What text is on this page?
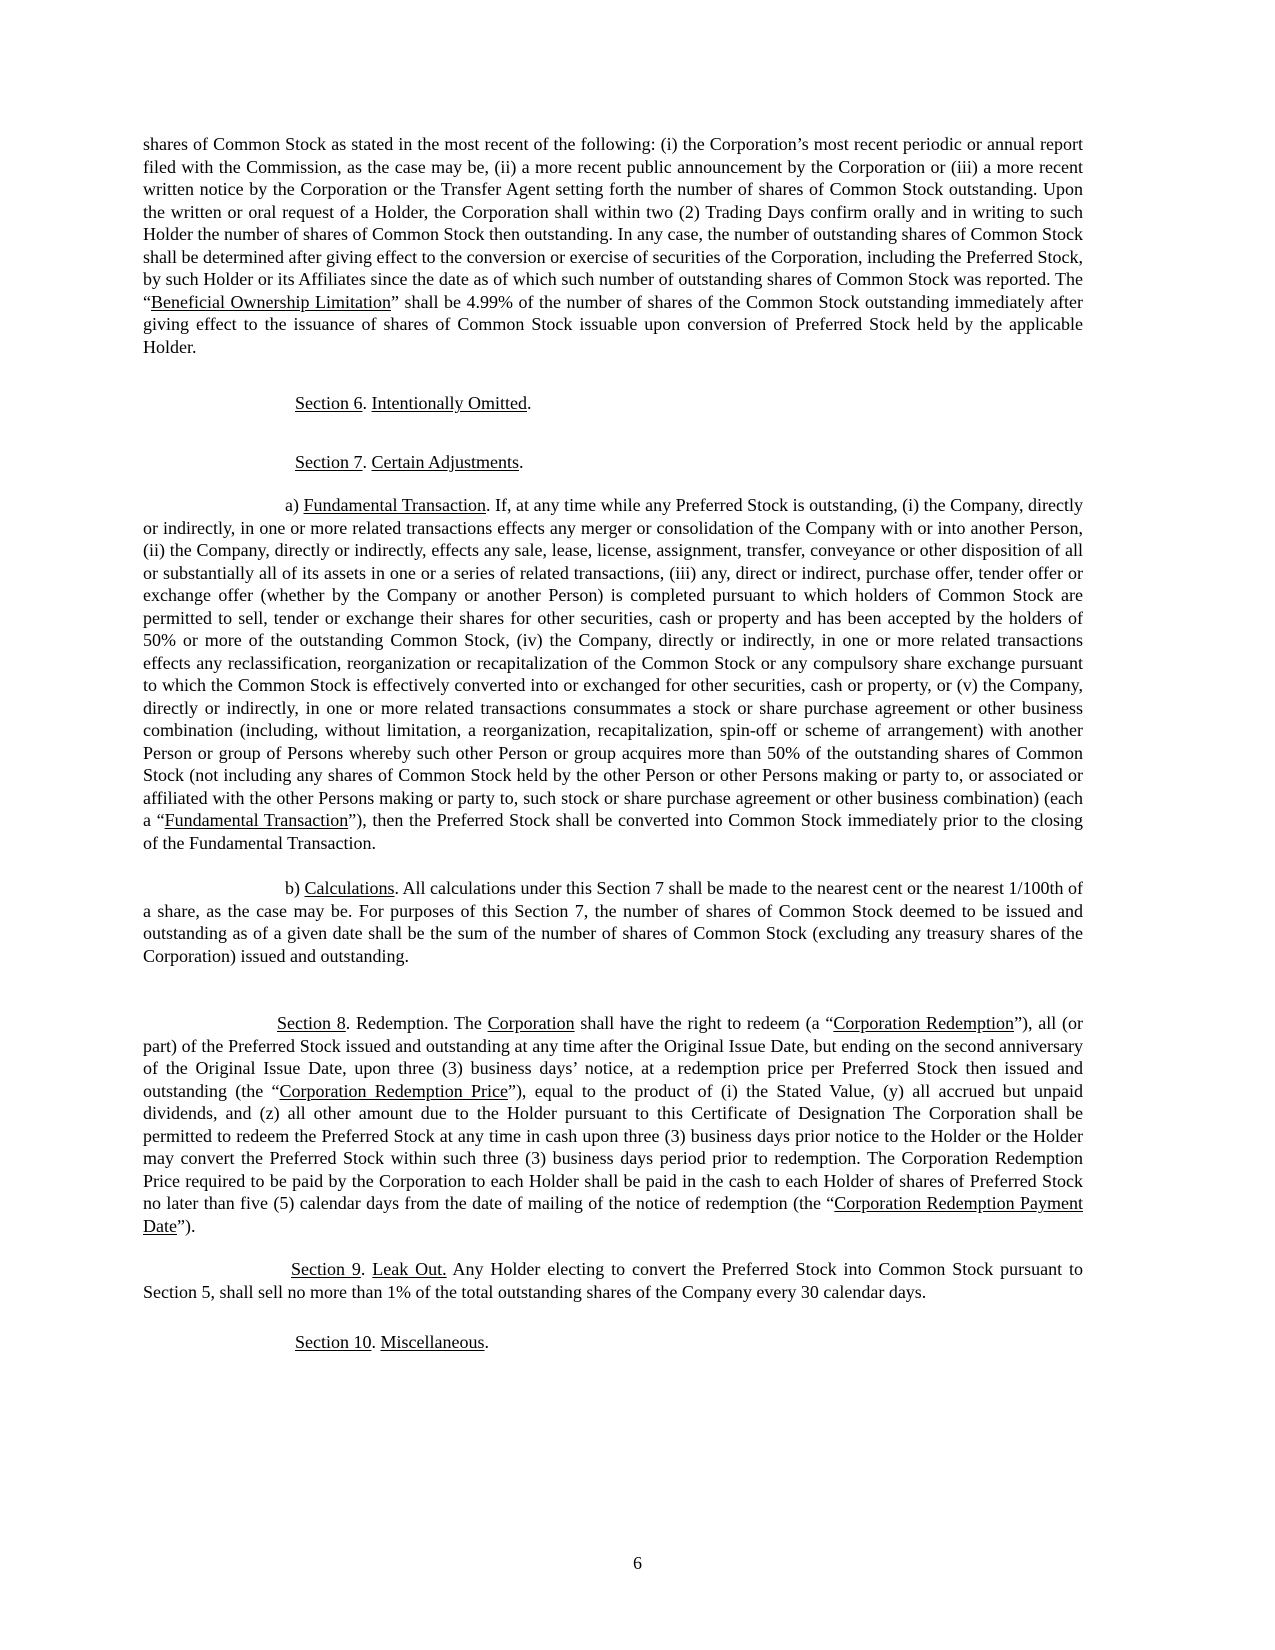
shares of Common Stock as stated in the most recent of the following: (i) the Corporation’s most recent periodic or annual report filed with the Commission, as the case may be, (ii) a more recent public announcement by the Corporation or (iii) a more recent written notice by the Corporation or the Transfer Agent setting forth the number of shares of Common Stock outstanding. Upon the written or oral request of a Holder, the Corporation shall within two (2) Trading Days confirm orally and in writing to such Holder the number of shares of Common Stock then outstanding. In any case, the number of outstanding shares of Common Stock shall be determined after giving effect to the conversion or exercise of securities of the Corporation, including the Preferred Stock, by such Holder or its Affiliates since the date as of which such number of outstanding shares of Common Stock was reported. The “Beneficial Ownership Limitation” shall be 4.99% of the number of shares of the Common Stock outstanding immediately after giving effect to the issuance of shares of Common Stock issuable upon conversion of Preferred Stock held by the applicable Holder.

Section 6. Intentionally Omitted.

Section 7. Certain Adjustments.

a) Fundamental Transaction. If, at any time while any Preferred Stock is outstanding, (i) the Company, directly or indirectly, in one or more related transactions effects any merger or consolidation of the Company with or into another Person, (ii) the Company, directly or indirectly, effects any sale, lease, license, assignment, transfer, conveyance or other disposition of all or substantially all of its assets in one or a series of related transactions, (iii) any, direct or indirect, purchase offer, tender offer or exchange offer (whether by the Company or another Person) is completed pursuant to which holders of Common Stock are permitted to sell, tender or exchange their shares for other securities, cash or property and has been accepted by the holders of 50% or more of the outstanding Common Stock, (iv) the Company, directly or indirectly, in one or more related transactions effects any reclassification, reorganization or recapitalization of the Common Stock or any compulsory share exchange pursuant to which the Common Stock is effectively converted into or exchanged for other securities, cash or property, or (v) the Company, directly or indirectly, in one or more related transactions consummates a stock or share purchase agreement or other business combination (including, without limitation, a reorganization, recapitalization, spin-off or scheme of arrangement) with another Person or group of Persons whereby such other Person or group acquires more than 50% of the outstanding shares of Common Stock (not including any shares of Common Stock held by the other Person or other Persons making or party to, or associated or affiliated with the other Persons making or party to, such stock or share purchase agreement or other business combination) (each a “Fundamental Transaction”), then the Preferred Stock shall be converted into Common Stock immediately prior to the closing of the Fundamental Transaction.

b) Calculations. All calculations under this Section 7 shall be made to the nearest cent or the nearest 1/100th of a share, as the case may be. For purposes of this Section 7, the number of shares of Common Stock deemed to be issued and outstanding as of a given date shall be the sum of the number of shares of Common Stock (excluding any treasury shares of the Corporation) issued and outstanding.

Section 8. Redemption. The Corporation shall have the right to redeem (a “Corporation Redemption”), all (or part) of the Preferred Stock issued and outstanding at any time after the Original Issue Date, but ending on the second anniversary of the Original Issue Date, upon three (3) business days’ notice, at a redemption price per Preferred Stock then issued and outstanding (the “Corporation Redemption Price”), equal to the product of (i) the Stated Value, (y) all accrued but unpaid dividends, and (z) all other amount due to the Holder pursuant to this Certificate of Designation The Corporation shall be permitted to redeem the Preferred Stock at any time in cash upon three (3) business days prior notice to the Holder or the Holder may convert the Preferred Stock within such three (3) business days period prior to redemption. The Corporation Redemption Price required to be paid by the Corporation to each Holder shall be paid in the cash to each Holder of shares of Preferred Stock no later than five (5) calendar days from the date of mailing of the notice of redemption (the “Corporation Redemption Payment Date”).

Section 9. Leak Out. Any Holder electing to convert the Preferred Stock into Common Stock pursuant to Section 5, shall sell no more than 1% of the total outstanding shares of the Company every 30 calendar days.

Section 10. Miscellaneous.

6
